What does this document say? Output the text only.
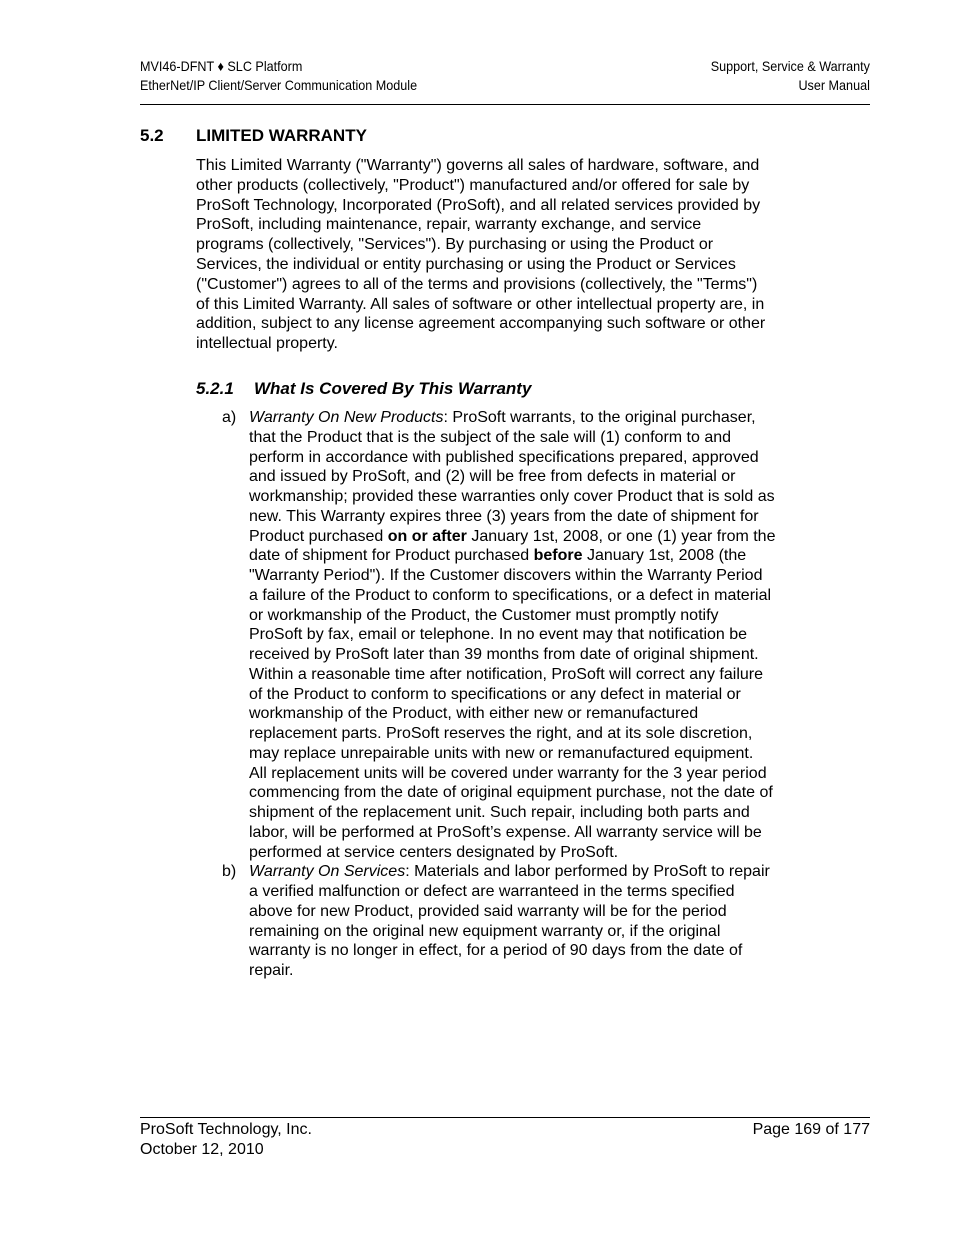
MVI46-DFNT ♦ SLC Platform
EtherNet/IP Client/Server Communication Module
Support, Service & Warranty
User Manual
5.2 LIMITED WARRANTY
This Limited Warranty ("Warranty") governs all sales of hardware, software, and
other products (collectively, "Product") manufactured and/or offered for sale by
ProSoft Technology, Incorporated (ProSoft), and all related services provided by
ProSoft, including maintenance, repair, warranty exchange, and service
programs (collectively, "Services"). By purchasing or using the Product or
Services, the individual or entity purchasing or using the Product or Services
("Customer") agrees to all of the terms and provisions (collectively, the "Terms")
of this Limited Warranty. All sales of software or other intellectual property are, in
addition, subject to any license agreement accompanying such software or other
intellectual property.
5.2.1 What Is Covered By This Warranty
a) Warranty On New Products: ProSoft warrants, to the original purchaser,
that the Product that is the subject of the sale will (1) conform to and
perform in accordance with published specifications prepared, approved
and issued by ProSoft, and (2) will be free from defects in material or
workmanship; provided these warranties only cover Product that is sold as
new. This Warranty expires three (3) years from the date of shipment for
Product purchased on or after January 1st, 2008, or one (1) year from the
date of shipment for Product purchased before January 1st, 2008 (the
"Warranty Period"). If the Customer discovers within the Warranty Period
a failure of the Product to conform to specifications, or a defect in material
or workmanship of the Product, the Customer must promptly notify
ProSoft by fax, email or telephone. In no event may that notification be
received by ProSoft later than 39 months from date of original shipment.
Within a reasonable time after notification, ProSoft will correct any failure
of the Product to conform to specifications or any defect in material or
workmanship of the Product, with either new or remanufactured
replacement parts. ProSoft reserves the right, and at its sole discretion,
may replace unrepairable units with new or remanufactured equipment.
All replacement units will be covered under warranty for the 3 year period
commencing from the date of original equipment purchase, not the date of
shipment of the replacement unit. Such repair, including both parts and
labor, will be performed at ProSoft’s expense. All warranty service will be
performed at service centers designated by ProSoft.
b) Warranty On Services: Materials and labor performed by ProSoft to repair
a verified malfunction or defect are warranteed in the terms specified
above for new Product, provided said warranty will be for the period
remaining on the original new equipment warranty or, if the original
warranty is no longer in effect, for a period of 90 days from the date of
repair.
ProSoft Technology, Inc.
October 12, 2010
Page 169 of 177
